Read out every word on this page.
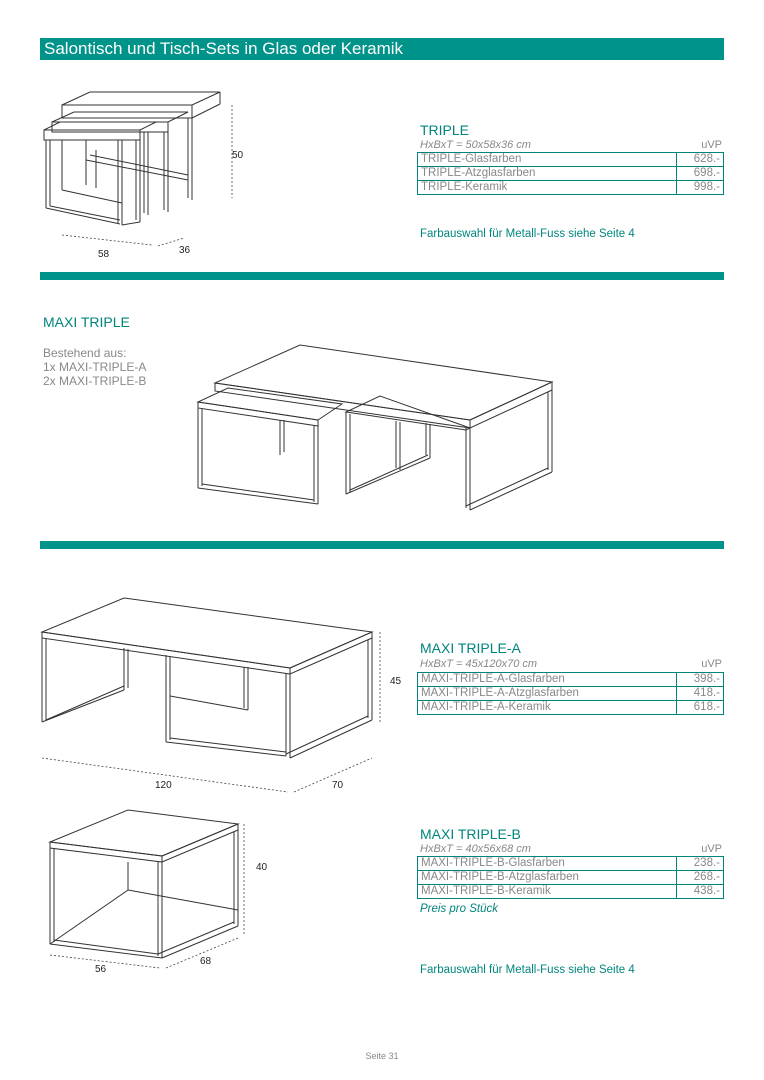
Salontisch und Tisch-Sets in Glas oder Keramik
50
58	36
TRIPLE
HxBxT = 50x58x36 cm	uVP
TRIPLE-Glasfarben	628.-
TRIPLE-Ätzglasfarben	698.-
TRIPLE-Keramik	998.-
Farbauswahl für Metall-Fuss siehe Seite 4
MAXI TRIPLE
Bestehend aus:
1x MAXI-TRIPLE-A
2x MAXI-TRIPLE-B
45
120	70
MAXI TRIPLE-A
HxBxT = 45x120x70 cm	uVP
MAXI-TRIPLE-A-Glasfarben	398.-
MAXI-TRIPLE-A-Ätzglasfarben	418.-
MAXI-TRIPLE-A-Keramik	618.-
40
56
68
MAXI TRIPLE-B
HxBxT = 40x56x68 cm	uVP
MAXI-TRIPLE-B-Glasfarben	238.-
MAXI-TRIPLE-B-Ätzglasfarben	268.-
MAXI-TRIPLE-B-Keramik	438.-
Preis pro Stück
Farbauswahl für Metall-Fuss siehe Seite 4
Seite 31
